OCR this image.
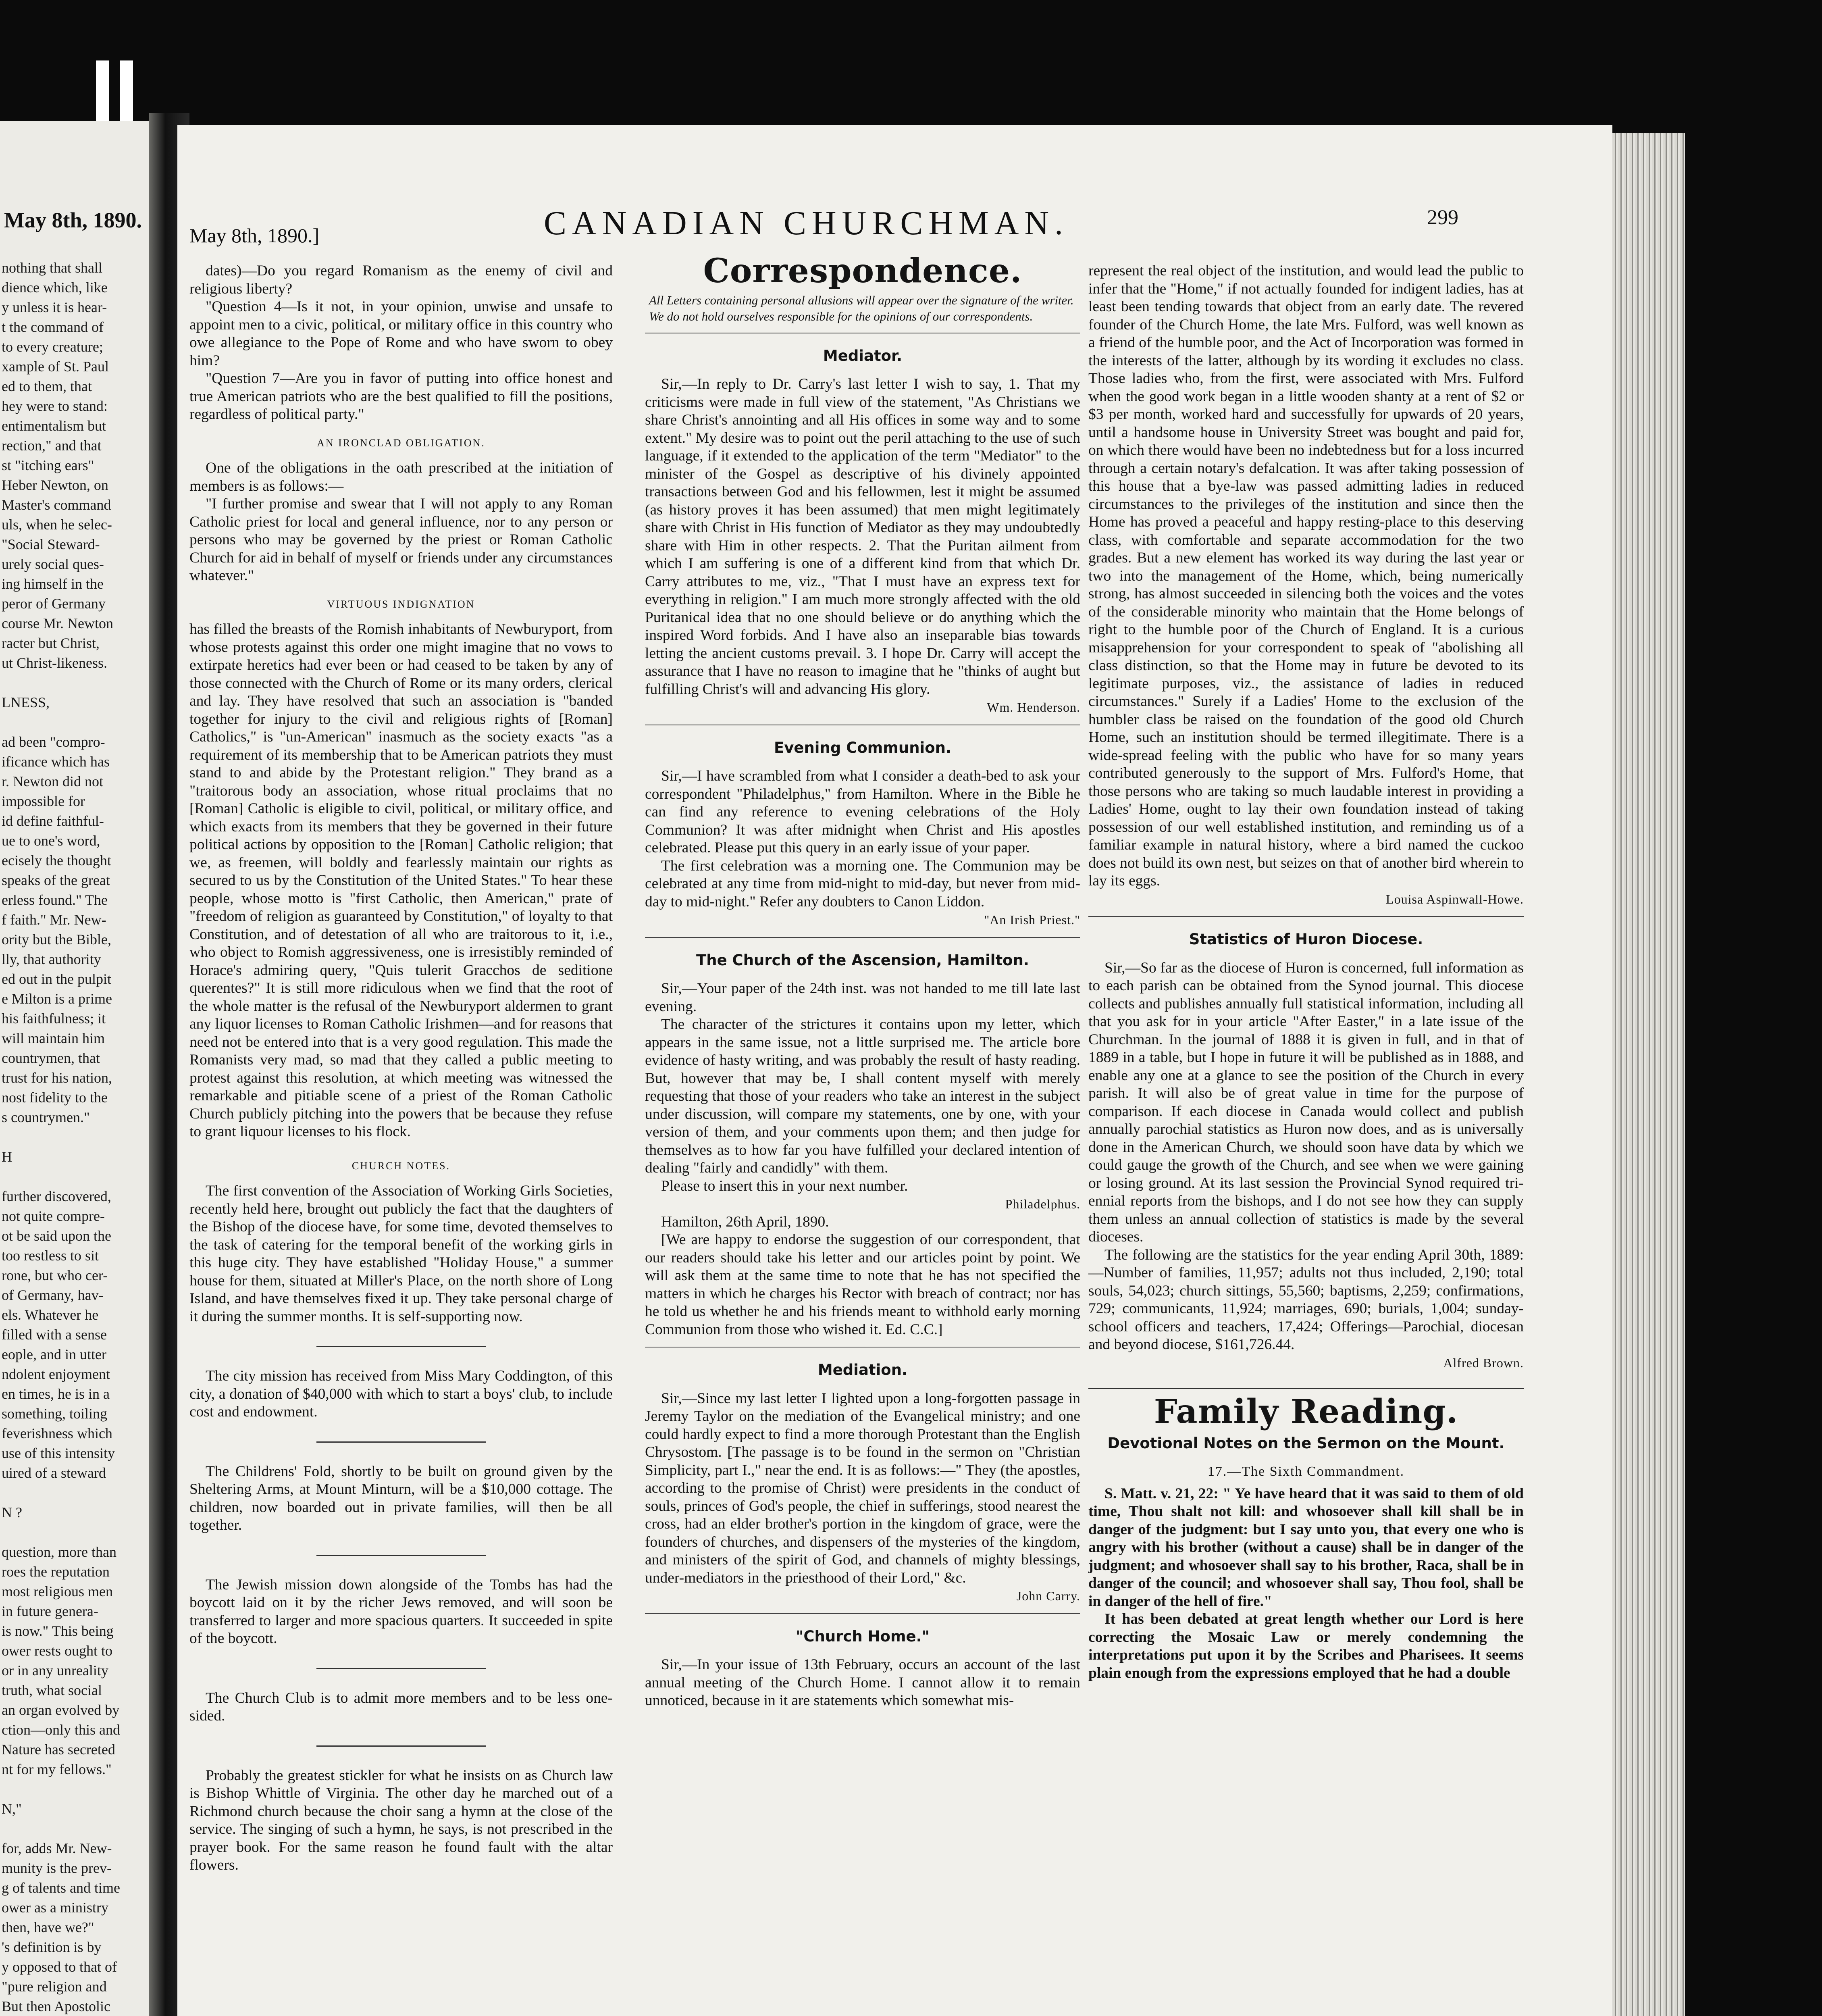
May 8th, 1890.
nothing that shall
dience which, like
y unless it is hear-
t the command of
to every creature;
xample of St. Paul
ed to them, that
hey were to stand:
entimentalism but
rection," and that
st "itching ears"
Heber Newton, on
Master's command
uls, when he selec-
"Social Steward-
urely social ques-
ing himself in the
peror of Germany
course Mr. Newton
racter but Christ,
ut Christ-likeness.

LNESS,

ad been "compro-
ificance which has
r. Newton did not
impossible for
id define faithful-
ue to one's word,
ecisely the thought
speaks of the great
erless found." The
f faith." Mr. New-
ority but the Bible,
lly, that authority
ed out in the pulpit
e Milton is a prime
his faithfulness; it
will maintain him
countrymen, that
trust for his nation,
nost fidelity to the
s countrymen."

H

further discovered,
not quite compre-
ot be said upon the
too restless to sit
rone, but who cer-
of Germany, hav-
els. Whatever he
filled with a sense
eople, and in utter
ndolent enjoyment
en times, he is in a
something, toiling
feverishness which
use of this intensity
uired of a steward

N ?

question, more than
roes the reputation
most religious men
in future genera-
is now." This being
ower rests ought to
or in any unreality
truth, what social
an organ evolved by
ction—only this and
Nature has secreted
nt for my fellows."

N,"

for, adds Mr. New-
munity is the prev-
g of talents and time
ower as a ministry
then, have we?"
's definition is by
y opposed to that of
"pure religion and
But then Apostolic

May 8th, 1890.]	CANADIAN CHURCHMAN.	299

dates)—Do you regard Romanism as the enemy of civil and religious liberty?

"Question 4—Is it not, in your opinion, unwise and unsafe to appoint men to a civic, political, or military office in this country who owe allegiance to the Pope of Rome and who have sworn to obey him?

"Question 7—Are you in favor of putting into office honest and true American patriots who are the best qualified to fill the positions, regardless of political party."

AN IRONCLAD OBLIGATION.

One of the obligations in the oath prescribed at the initiation of members is as follows:—

"I further promise and swear that I will not apply to any Roman Catholic priest for local and general influence, nor to any person or persons who may be governed by the priest or Roman Catholic Church for aid in behalf of myself or friends under any circumstances whatever."

VIRTUOUS INDIGNATION

has filled the breasts of the Romish inhabitants of Newburyport, from whose protests against this order one might imagine that no vows to extirpate heretics had ever been or had ceased to be taken by any of those connected with the Church of Rome or its many orders, clerical and lay. They have resolved that such an association is "banded together for injury to the civil and religious rights of [Roman] Catholics," is "un-American" inasmuch as the society exacts "as a requirement of its membership that to be American patriots they must stand to and abide by the Protestant religion." They brand as a "traitorous body an association, whose ritual proclaims that no [Roman] Catholic is eligible to civil, political, or military office, and which exacts from its members that they be governed in their future political actions by opposition to the [Roman] Catholic religion; that we, as freemen, will boldly and fearlessly maintain our rights as secured to us by the Constitution of the United States." To hear these people, whose motto is "first Catholic, then American," prate of "freedom of religion as guaranteed by Constitution," of loyalty to that Constitution, and of detestation of all who are traitorous to it, i.e., who object to Romish aggressiveness, one is irresistibly reminded of Horace's admiring query, "Quis tulerit Gracchos de seditione querentes?" It is still more ridiculous when we find that the root of the whole matter is the refusal of the Newburyport aldermen to grant any liquor licenses to Roman Catholic Irishmen—and for reasons that need not be entered into that is a very good regulation. This made the Romanists very mad, so mad that they called a public meeting to protest against this resolution, at which meeting was witnessed the remarkable and pitiable scene of a priest of the Roman Catholic Church publicly pitching into the powers that be because they refuse to grant liquour licenses to his flock.

CHURCH NOTES.

The first convention of the Association of Working Girls Societies, recently held here, brought out publicly the fact that the daughters of the Bishop of the diocese have, for some time, devoted themselves to the task of catering for the temporal benefit of the working girls in this huge city. They have established "Holiday House," a summer house for them, situated at Miller's Place, on the north shore of Long Island, and have themselves fixed it up. They take personal charge of it during the summer months. It is self-supporting now.

The city mission has received from Miss Mary Coddington, of this city, a donation of $40,000 with which to start a boys' club, to include cost and endowment.

The Childrens' Fold, shortly to be built on ground given by the Sheltering Arms, at Mount Minturn, will be a $10,000 cottage. The children, now boarded out in private families, will then be all together.

The Jewish mission down alongside of the Tombs has had the boycott laid on it by the richer Jews removed, and will soon be transferred to larger and more spacious quarters. It succeeded in spite of the boycott.

The Church Club is to admit more members and to be less one-sided.

Probably the greatest stickler for what he insists on as Church law is Bishop Whittle of Virginia. The other day he marched out of a Richmond church because the choir sang a hymn at the close of the service. The singing of such a hymn, he says, is not prescribed in the prayer book. For the same reason he found fault with the altar flowers.

Correspondence.
All Letters containing personal allusions will appear over the signature of the writer.
We do not hold ourselves responsible for the opinions of our correspondents.
Mediator.

Sir,—In reply to Dr. Carry's last letter I wish to say, 1. That my criticisms were made in full view of the statement, "As Christians we share Christ's annointing and all His offices in some way and to some extent." My desire was to point out the peril attaching to the use of such language, if it extended to the application of the term "Mediator" to the minister of the Gospel as descriptive of his divinely appointed transactions between God and his fellowmen, lest it might be assumed (as history proves it has been assumed) that men might legitimately share with Christ in His function of Mediator as they may undoubtedly share with Him in other respects. 2. That the Puritan ailment from which I am suffering is one of a different kind from that which Dr. Carry attributes to me, viz., "That I must have an express text for everything in religion." I am much more strongly affected with the old Puritanical idea that no one should believe or do anything which the inspired Word forbids. And I have also an inseparable bias towards letting the ancient customs prevail. 3. I hope Dr. Carry will accept the assurance that I have no reason to imagine that he "thinks of aught but fulfilling Christ's will and advancing His glory.

Wm. Henderson.
Evening Communion.

Sir,—I have scrambled from what I consider a death-bed to ask your correspondent "Philadelphus," from Hamilton. Where in the Bible he can find any reference to evening celebrations of the Holy Communion? It was after midnight when Christ and His apostles celebrated. Please put this query in an early issue of your paper.

The first celebration was a morning one. The Communion may be celebrated at any time from mid-night to mid-day, but never from mid-day to mid-night." Refer any doubters to Canon Liddon.

"An Irish Priest."
The Church of the Ascension, Hamilton.

Sir,—Your paper of the 24th inst. was not handed to me till late last evening.

The character of the strictures it contains upon my letter, which appears in the same issue, not a little surprised me. The article bore evidence of hasty writing, and was probably the result of hasty reading. But, however that may be, I shall content myself with merely requesting that those of your readers who take an interest in the subject under discussion, will compare my statements, one by one, with your version of them, and your comments upon them; and then judge for themselves as to how far you have fulfilled your declared intention of dealing "fairly and candidly" with them.

Please to insert this in your next number.

Philadelphus.

Hamilton, 26th April, 1890.

[We are happy to endorse the suggestion of our correspondent, that our readers should take his letter and our articles point by point. We will ask them at the same time to note that he has not specified the matters in which he charges his Rector with breach of contract; nor has he told us whether he and his friends meant to withhold early morning Communion from those who wished it. Ed. C.C.]

Mediation.

Sir,—Since my last letter I lighted upon a long-forgotten passage in Jeremy Taylor on the mediation of the Evangelical ministry; and one could hardly expect to find a more thorough Protestant than the English Chrysostom. [The passage is to be found in the sermon on "Christian Simplicity, part I.," near the end. It is as follows:—" They (the apostles, according to the promise of Christ) were presidents in the conduct of souls, princes of God's people, the chief in sufferings, stood nearest the cross, had an elder brother's portion in the kingdom of grace, were the founders of churches, and dispensers of the mysteries of the kingdom, and ministers of the spirit of God, and channels of mighty blessings, under-mediators in the priesthood of their Lord," &c.

John Carry.
"Church Home."

Sir,—In your issue of 13th February, occurs an account of the last annual meeting of the Church Home. I cannot allow it to remain unnoticed, because in it are statements which somewhat mis-

represent the real object of the institution, and would lead the public to infer that the "Home," if not actually founded for indigent ladies, has at least been tending towards that object from an early date. The revered founder of the Church Home, the late Mrs. Fulford, was well known as a friend of the humble poor, and the Act of Incorporation was formed in the interests of the latter, although by its wording it excludes no class. Those ladies who, from the first, were associated with Mrs. Fulford when the good work began in a little wooden shanty at a rent of $2 or $3 per month, worked hard and successfully for upwards of 20 years, until a handsome house in University Street was bought and paid for, on which there would have been no indebtedness but for a loss incurred through a certain notary's defalcation. It was after taking possession of this house that a bye-law was passed admitting ladies in reduced circumstances to the privileges of the institution and since then the Home has proved a peaceful and happy resting-place to this deserving class, with comfortable and separate accommodation for the two grades. But a new element has worked its way during the last year or two into the management of the Home, which, being numerically strong, has almost succeeded in silencing both the voices and the votes of the considerable minority who maintain that the Home belongs of right to the humble poor of the Church of England. It is a curious misapprehension for your correspondent to speak of "abolishing all class distinction, so that the Home may in future be devoted to its legitimate purposes, viz., the assistance of ladies in reduced circumstances." Surely if a Ladies' Home to the exclusion of the humbler class be raised on the foundation of the good old Church Home, such an institution should be termed illegitimate. There is a wide-spread feeling with the public who have for so many years contributed generously to the support of Mrs. Fulford's Home, that those persons who are taking so much laudable interest in providing a Ladies' Home, ought to lay their own foundation instead of taking possession of our well established institution, and reminding us of a familiar example in natural history, where a bird named the cuckoo does not build its own nest, but seizes on that of another bird wherein to lay its eggs.

Louisa Aspinwall-Howe.
Statistics of Huron Diocese.

Sir,—So far as the diocese of Huron is concerned, full information as to each parish can be obtained from the Synod journal. This diocese collects and publishes annually full statistical information, including all that you ask for in your article "After Easter," in a late issue of the Churchman. In the journal of 1888 it is given in full, and in that of 1889 in a table, but I hope in future it will be published as in 1888, and enable any one at a glance to see the position of the Church in every parish. It will also be of great value in time for the purpose of comparison. If each diocese in Canada would collect and publish annually parochial statistics as Huron now does, and as is universally done in the American Church, we should soon have data by which we could gauge the growth of the Church, and see when we were gaining or losing ground. At its last session the Provincial Synod required tri-ennial reports from the bishops, and I do not see how they can supply them unless an annual collection of statistics is made by the several dioceses.

The following are the statistics for the year ending April 30th, 1889:—Number of families, 11,957; adults not thus included, 2,190; total souls, 54,023; church sittings, 55,560; baptisms, 2,259; confirmations, 729; communicants, 11,924; marriages, 690; burials, 1,004; sunday-school officers and teachers, 17,424; Offerings—Parochial, diocesan and beyond diocese, $161,726.44.

Alfred Brown.
Family Reading.
Devotional Notes on the Sermon on the Mount.
17.—The Sixth Commandment.

S. Matt. v. 21, 22: " Ye have heard that it was said to them of old time, Thou shalt not kill: and whosoever shall kill shall be in danger of the judgment: but I say unto you, that every one who is angry with his brother (without a cause) shall be in danger of the judgment; and whosoever shall say to his brother, Raca, shall be in danger of the council; and whosoever shall say, Thou fool, shall be in danger of the hell of fire."

It has been debated at great length whether our Lord is here correcting the Mosaic Law or merely condemning the interpretations put upon it by the Scribes and Pharisees. It seems plain enough from the expressions employed that he had a double
